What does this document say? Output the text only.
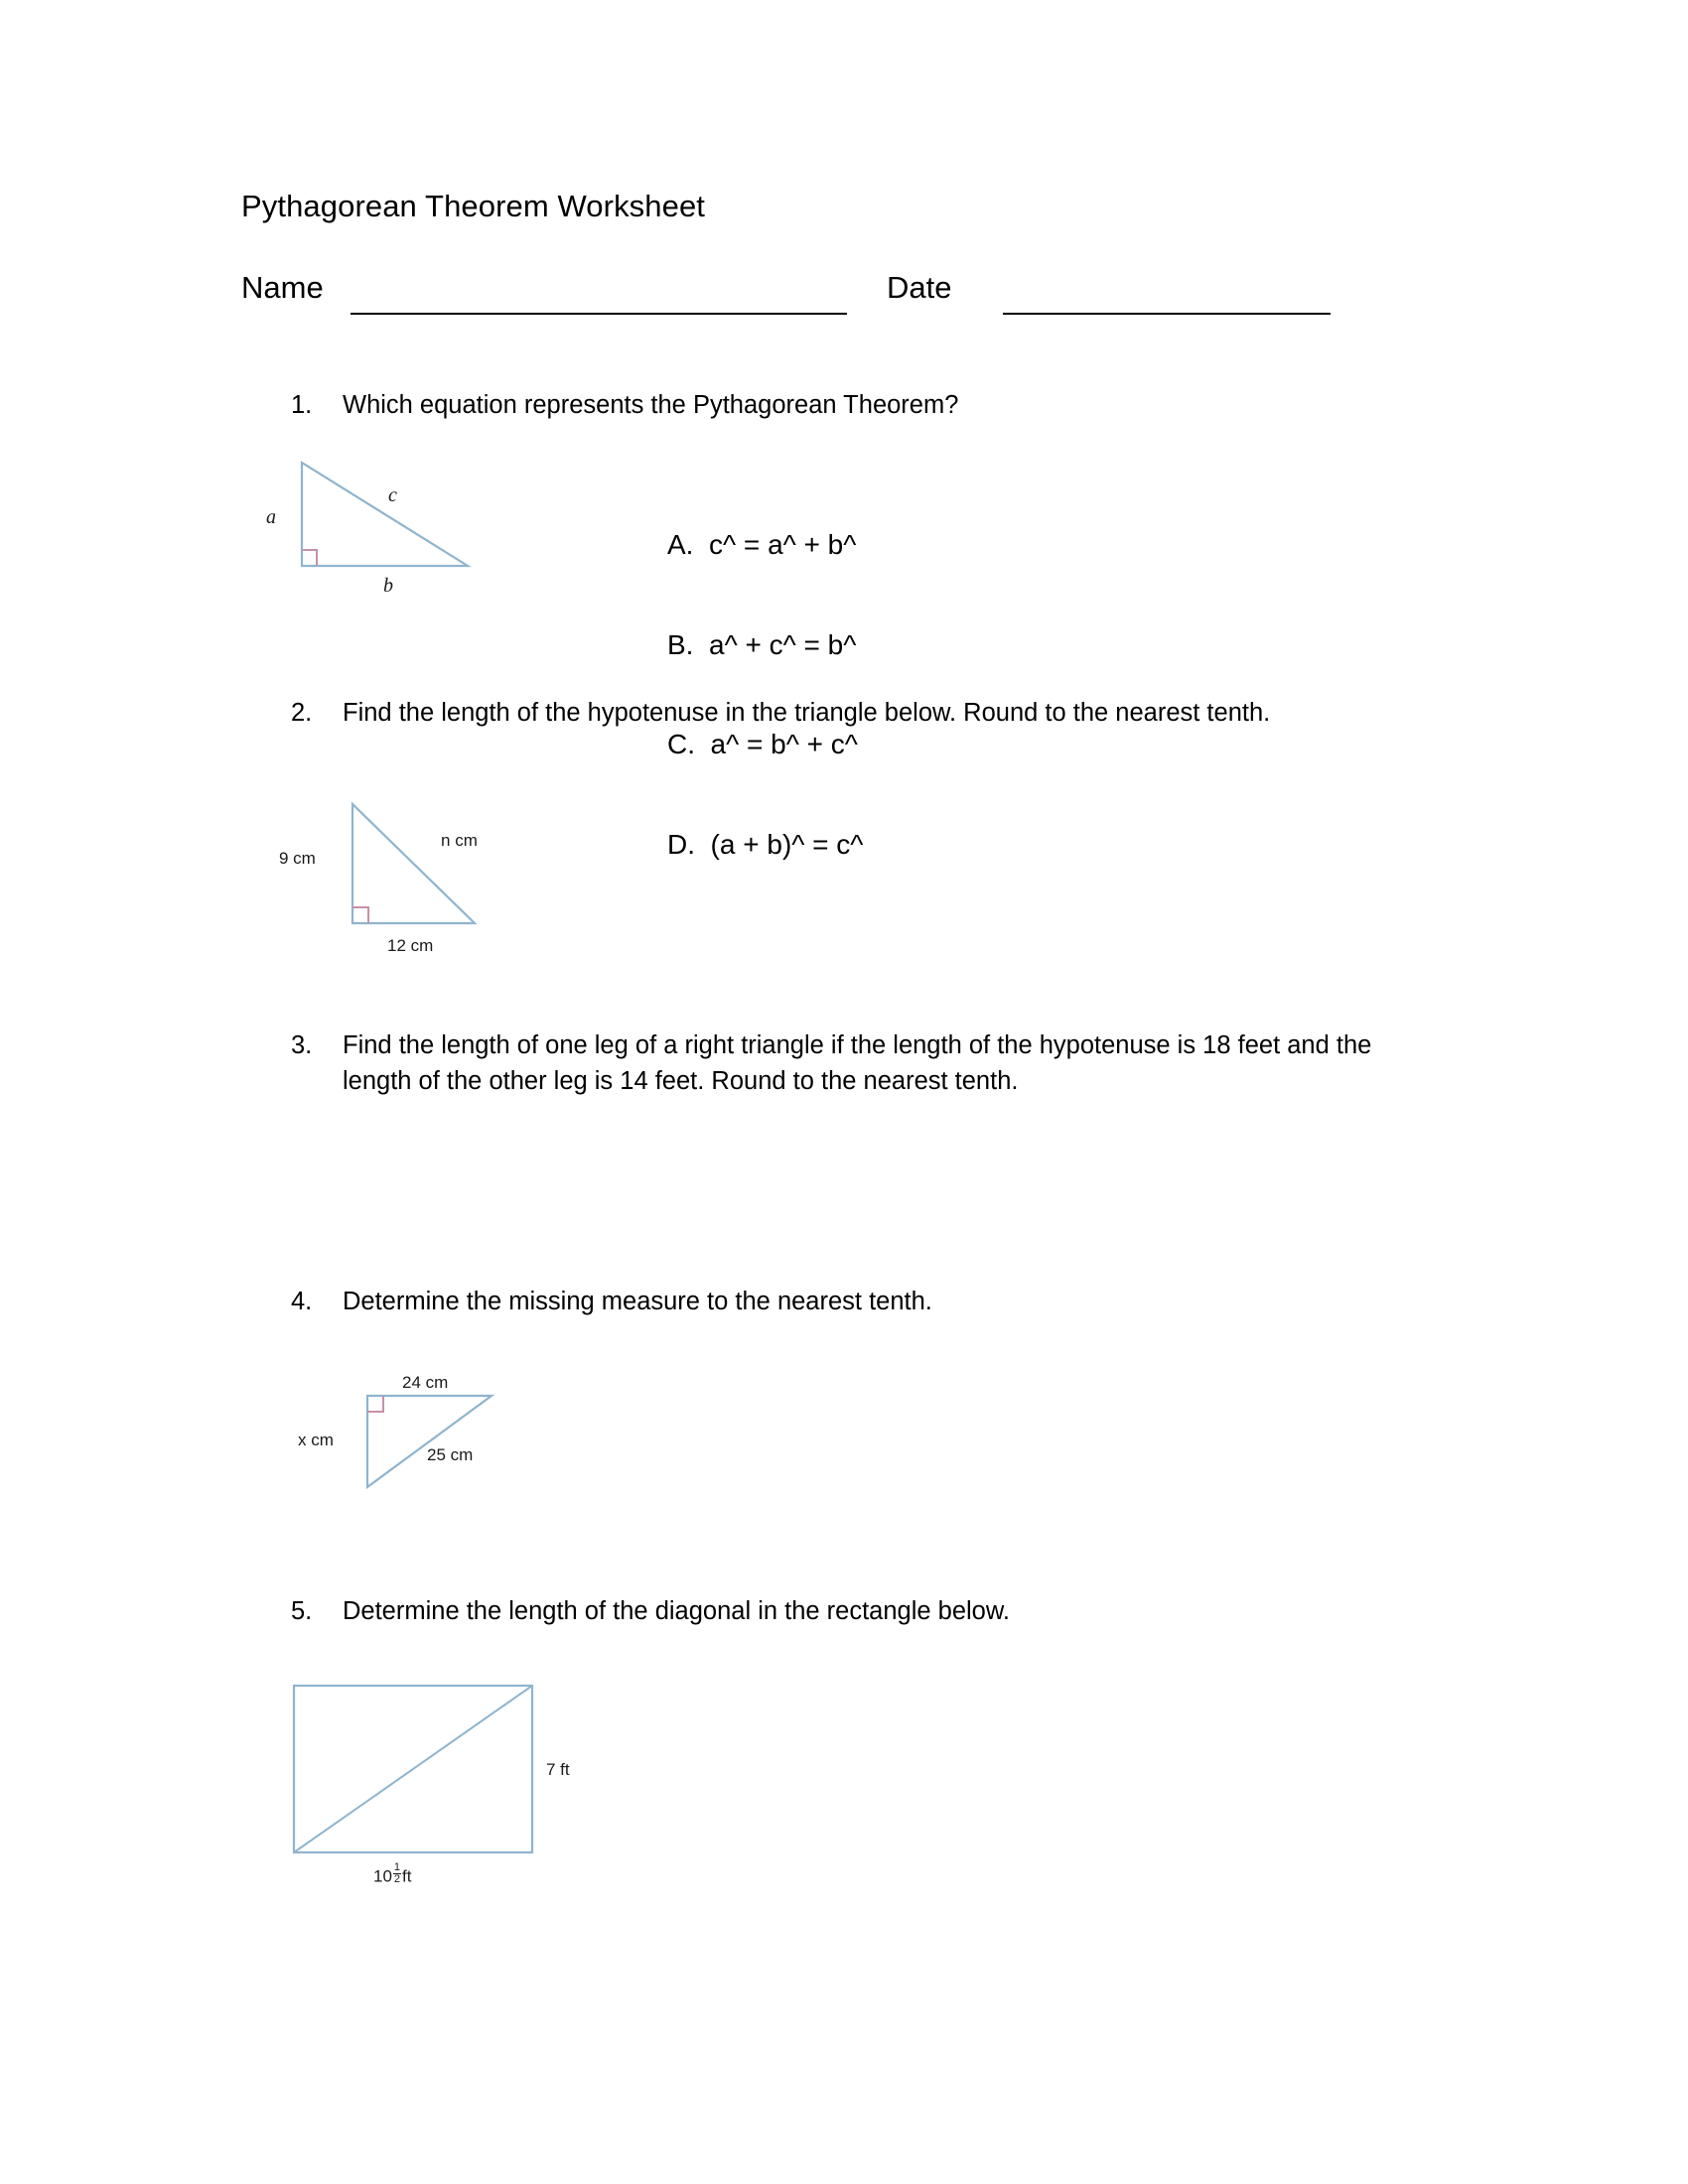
Pythagorean Theorem Worksheet
Name	Date
1.	Which equation represents the Pythagorean Theorem?
a
b
c

A.  c^ = a^ + b^

B.  a^ + c^ = b^

C.  a^ = b^ + c^

D.  (a + b)^ = c^

2.	Find the length of the hypotenuse in the triangle below. Round to the nearest tenth.
9 cm
12 cm
n cm
3.	Find the length of one leg of a right triangle if the length of the hypotenuse is 18 feet and the length of the other leg is 14 feet. Round to the nearest tenth.
4.	Determine the missing measure to the nearest tenth.
24 cm
x cm
25 cm
5.	Determine the length of the diagonal in the rectangle below.
7 ft
$10 \frac{1}{2}$ ft
